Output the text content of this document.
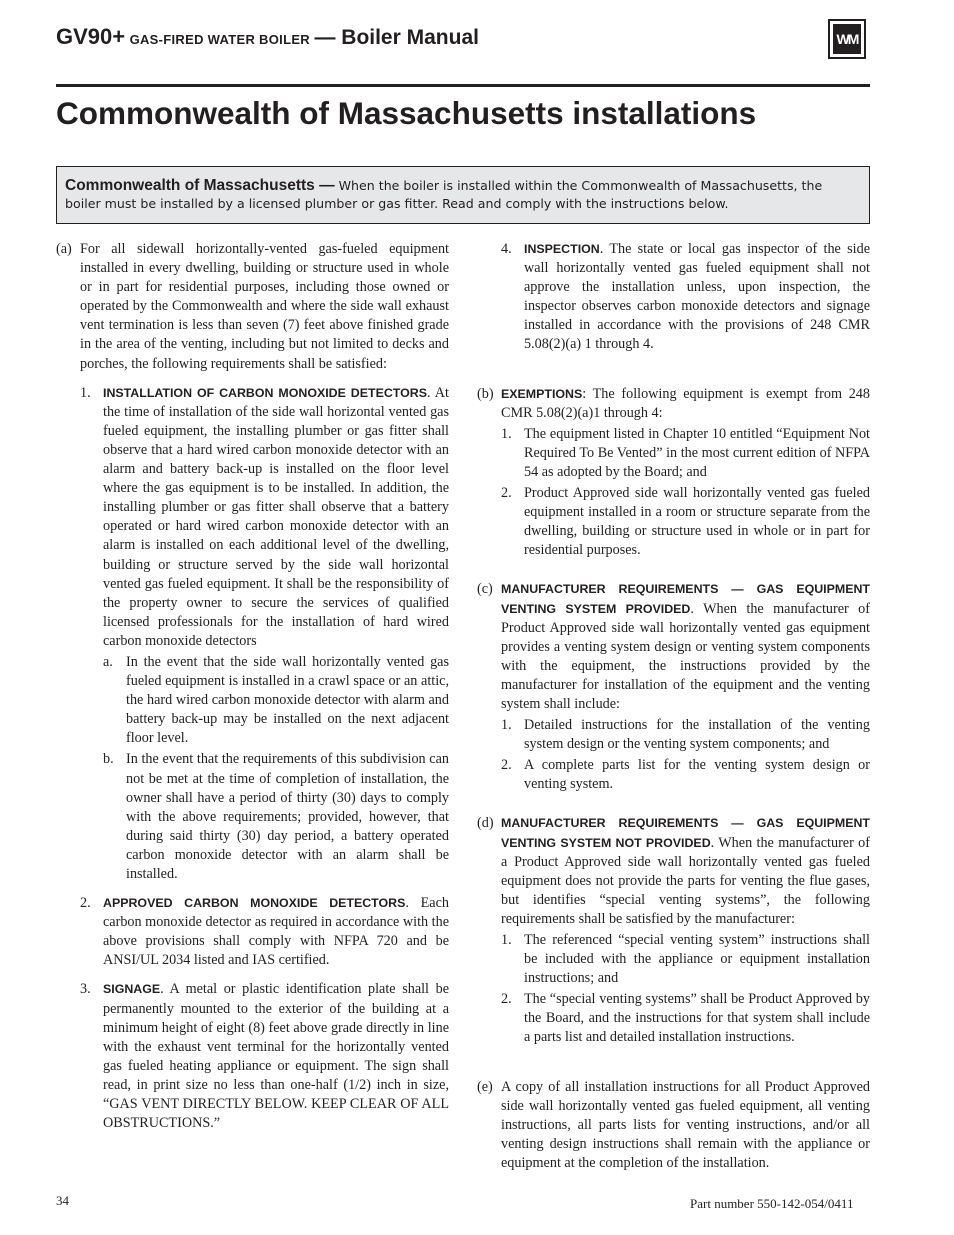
GV90+ GAS-FIRED WATER BOILER — Boiler Manual	WM
Commonwealth of Massachusetts installations
Commonwealth of Massachusetts — When the boiler is installed within the Commonwealth of Massachusetts, the boiler must be installed by a licensed plumber or gas fitter. Read and comply with the instructions below.
(a) For all sidewall horizontally-vented gas-fueled equipment installed in every dwelling, building or structure used in whole or in part for residential purposes, including those owned or operated by the Commonwealth and where the side wall exhaust vent termination is less than seven (7) feet above finished grade in the area of the venting, including but not limited to decks and porches, the following requirements shall be satisfied:

1. INSTALLATION OF CARBON MONOXIDE DETECTORS. At the time of installation of the side wall horizontal vented gas fueled equipment, the installing plumber or gas fitter shall observe that a hard wired carbon monoxide detector with an alarm and battery back-up is installed on the floor level where the gas equipment is to be installed. In addition, the installing plumber or gas fitter shall observe that a battery operated or hard wired carbon monoxide detector with an alarm is installed on each additional level of the dwelling, building or structure served by the side wall horizontal vented gas fueled equipment. It shall be the responsibility of the property owner to secure the services of qualified licensed professionals for the installation of hard wired carbon monoxide detectors

a. In the event that the side wall horizontally vented gas fueled equipment is installed in a crawl space or an attic, the hard wired carbon monoxide detector with alarm and battery back-up may be installed on the next adjacent floor level.

b. In the event that the requirements of this subdivision can not be met at the time of completion of installation, the owner shall have a period of thirty (30) days to comply with the above requirements; provided, however, that during said thirty (30) day period, a battery operated carbon monoxide detector with an alarm shall be installed.

2. APPROVED CARBON MONOXIDE DETECTORS. Each carbon monoxide detector as required in accordance with the above provisions shall comply with NFPA 720 and be ANSI/UL 2034 listed and IAS certified.

3. SIGNAGE. A metal or plastic identification plate shall be permanently mounted to the exterior of the building at a minimum height of eight (8) feet above grade directly in line with the exhaust vent terminal for the horizontally vented gas fueled heating appliance or equipment. The sign shall read, in print size no less than one-half (1/2) inch in size, “GAS VENT DIRECTLY BELOW. KEEP CLEAR OF ALL OBSTRUCTIONS.”

4. INSPECTION. The state or local gas inspector of the side wall horizontally vented gas fueled equipment shall not approve the installation unless, upon inspection, the inspector observes carbon monoxide detectors and signage installed in accordance with the provisions of 248 CMR 5.08(2)(a) 1 through 4.

(b) EXEMPTIONS: The following equipment is exempt from 248 CMR 5.08(2)(a)1 through 4:

1. The equipment listed in Chapter 10 entitled “Equipment Not Required To Be Vented” in the most current edition of NFPA 54 as adopted by the Board; and

2. Product Approved side wall horizontally vented gas fueled equipment installed in a room or structure separate from the dwelling, building or structure used in whole or in part for residential purposes.

(c) MANUFACTURER REQUIREMENTS — GAS EQUIPMENT VENTING SYSTEM PROVIDED. When the manufacturer of Product Approved side wall horizontally vented gas equipment provides a venting system design or venting system components with the equipment, the instructions provided by the manufacturer for installation of the equipment and the venting system shall include:

1. Detailed instructions for the installation of the venting system design or the venting system components; and

2. A complete parts list for the venting system design or venting system.

(d) MANUFACTURER REQUIREMENTS — GAS EQUIPMENT VENTING SYSTEM NOT PROVIDED. When the manufacturer of a Product Approved side wall horizontally vented gas fueled equipment does not provide the parts for venting the flue gases, but identifies “special venting systems”, the following requirements shall be satisfied by the manufacturer:

1. The referenced “special venting system” instructions shall be included with the appliance or equipment installation instructions; and

2. The “special venting systems” shall be Product Approved by the Board, and the instructions for that system shall include a parts list and detailed installation instructions.

(e) A copy of all installation instructions for all Product Approved side wall horizontally vented gas fueled equipment, all venting instructions, all parts lists for venting instructions, and/or all venting design instructions shall remain with the appliance or equipment at the completion of the installation.

34	Part number 550-142-054/0411
